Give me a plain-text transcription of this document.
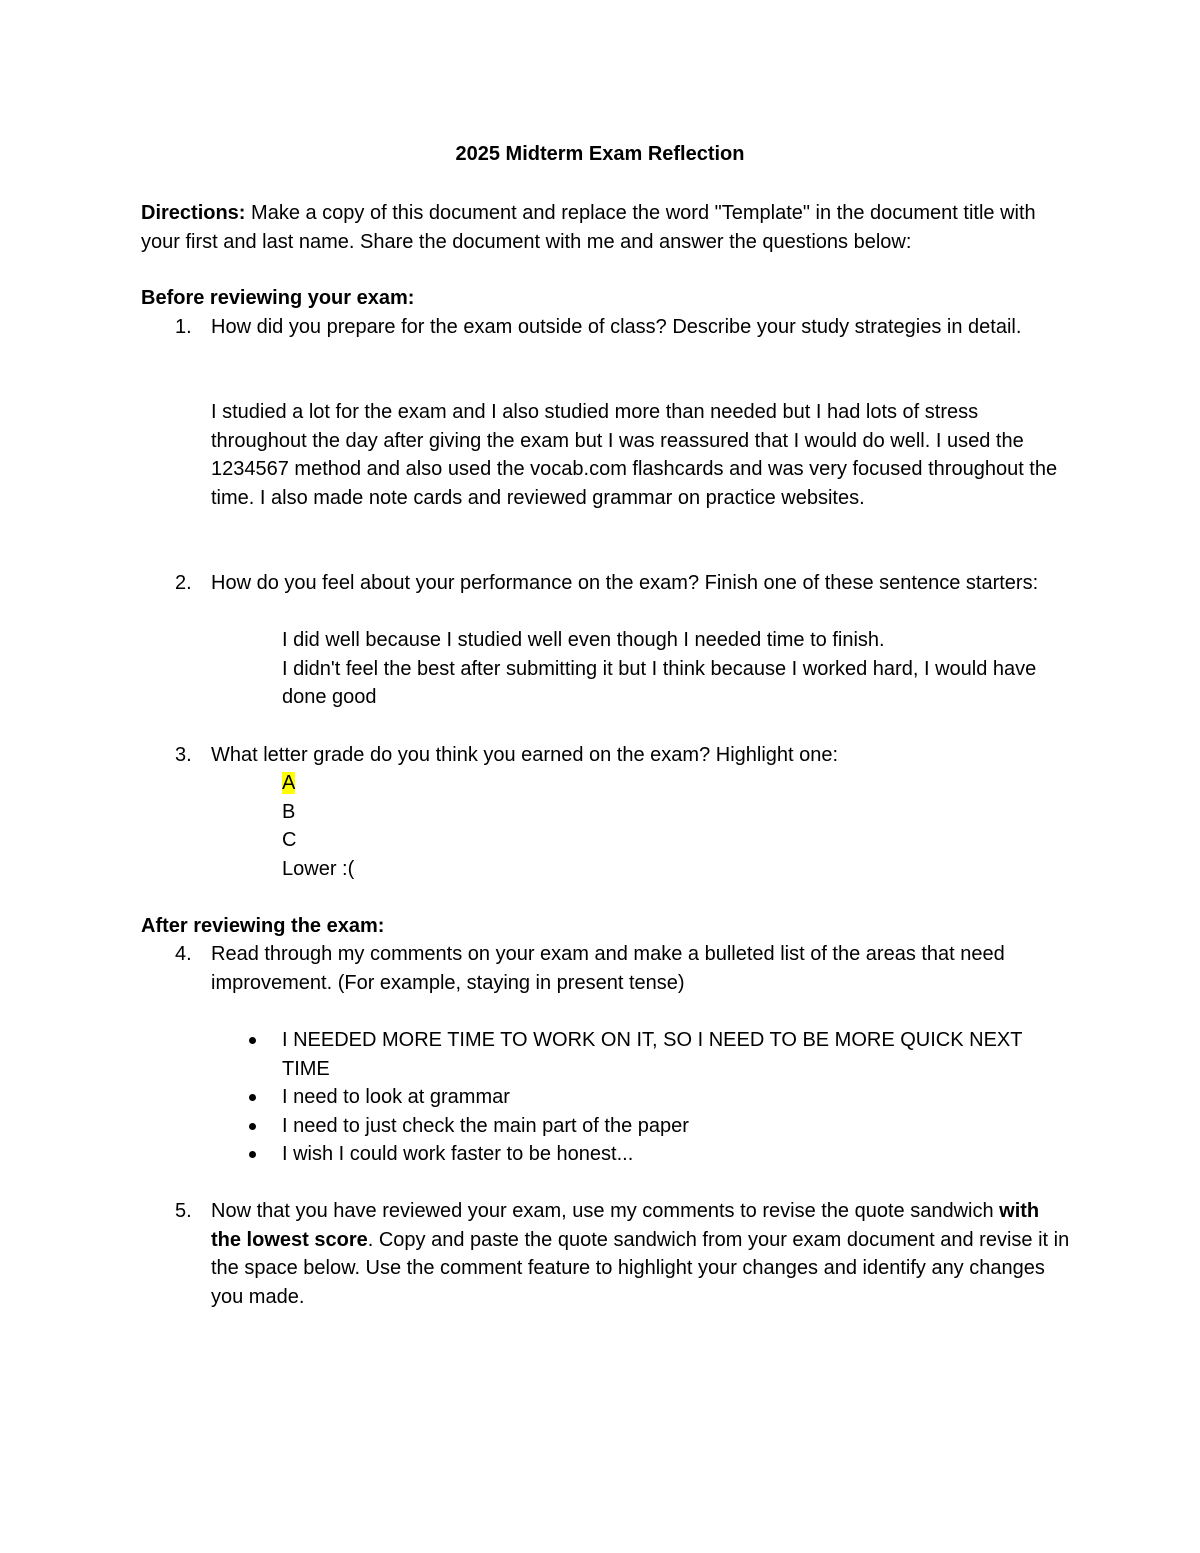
2025 Midterm Exam Reflection
Directions: Make a copy of this document and replace the word "Template" in the document title with your first and last name. Share the document with me and answer the questions below:
Before reviewing your exam:
1. How did you prepare for the exam outside of class? Describe your study strategies in detail.
I studied a lot for the exam and I also studied more than needed but I had lots of stress throughout the day after giving the exam but I was reassured that I would do well. I used the 1234567 method and also used the vocab.com flashcards and was very focused throughout the time. I also made note cards and reviewed grammar on practice websites.
2. How do you feel about your performance on the exam? Finish one of these sentence starters:
I did well because I studied well even though I needed time to finish.
I didn't feel the best after submitting it but I think because I worked hard, I would have done good
3. What letter grade do you think you earned on the exam? Highlight one:
A
B
C
Lower :(
After reviewing the exam:
4. Read through my comments on your exam and make a bulleted list of the areas that need improvement. (For example, staying in present tense)
I NEEDED MORE TIME TO WORK ON IT, SO I NEED TO BE MORE QUICK NEXT TIME
I need to look at grammar
I need to just check the main part of the paper
I wish I could work faster to be honest...
5. Now that you have reviewed your exam, use my comments to revise the quote sandwich with the lowest score. Copy and paste the quote sandwich from your exam document and revise it in the space below. Use the comment feature to highlight your changes and identify any changes you made.
